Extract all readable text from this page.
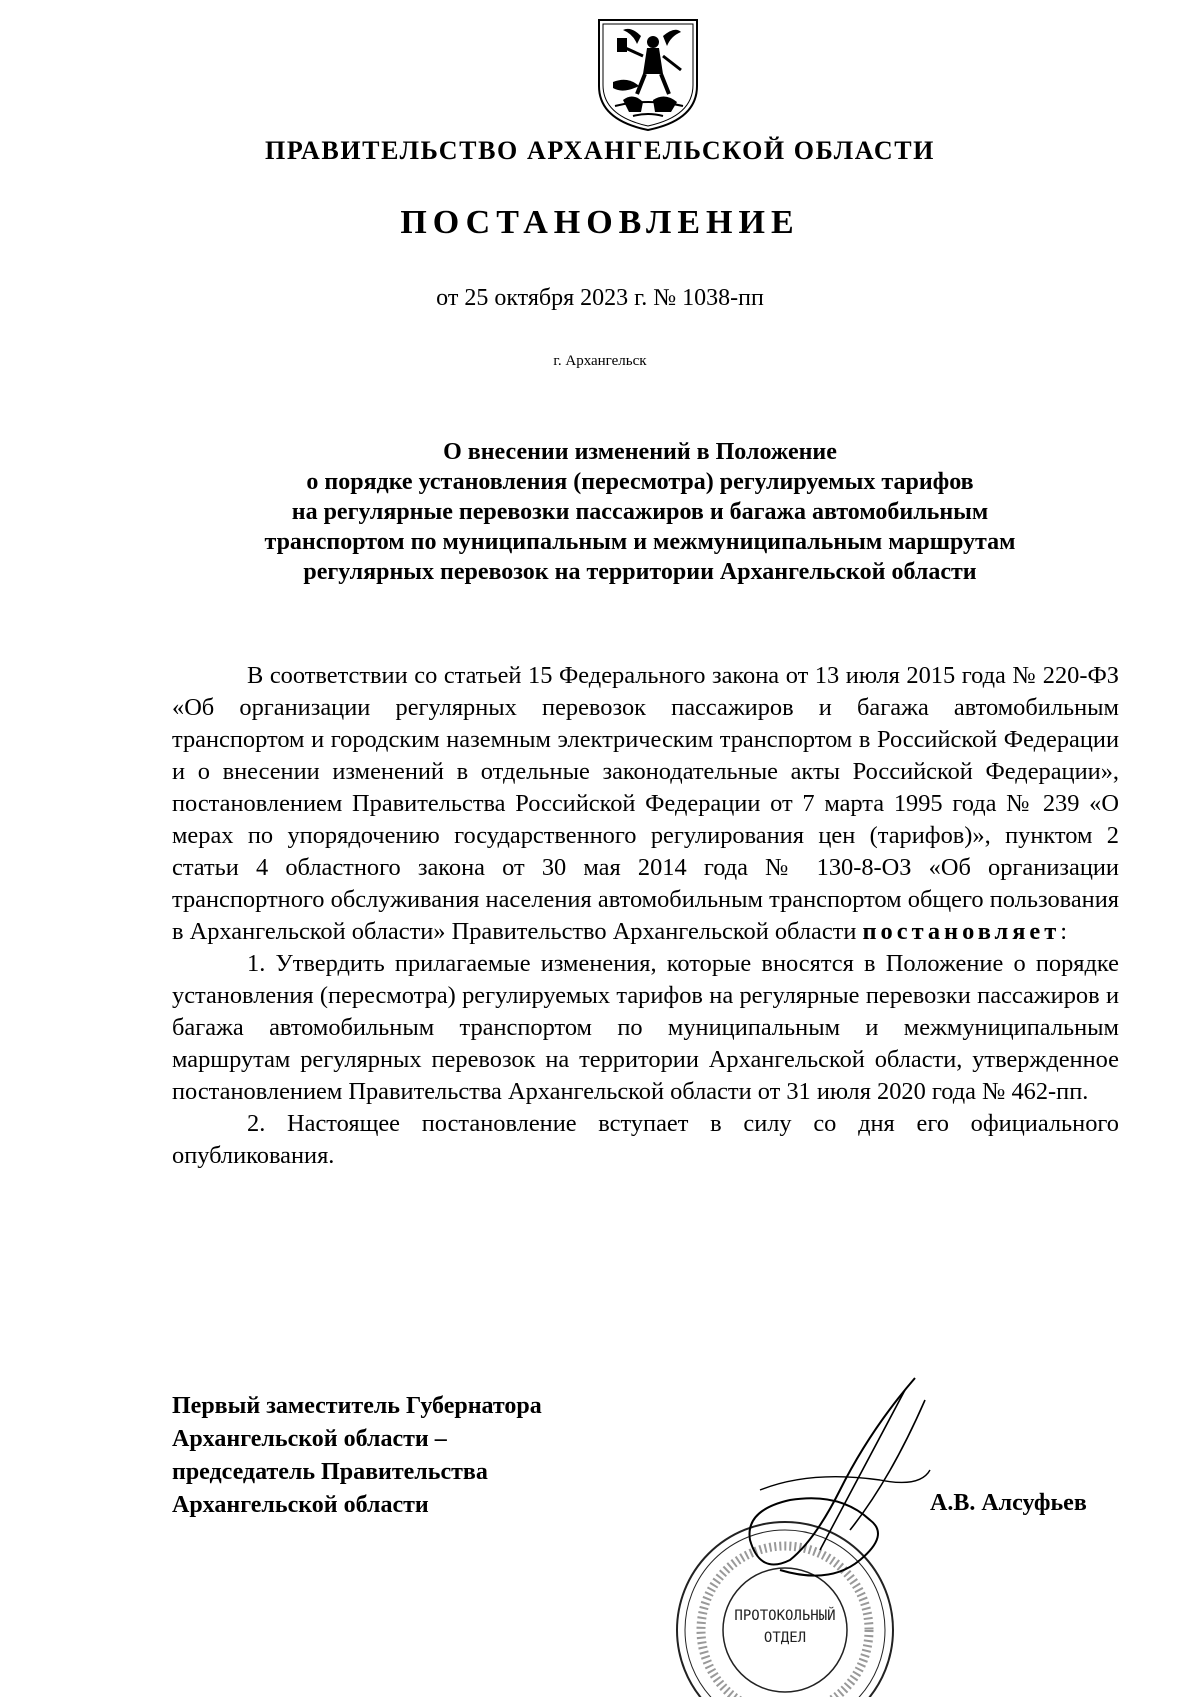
ПРАВИТЕЛЬСТВО АРХАНГЕЛЬСКОЙ ОБЛАСТИ
ПОСТАНОВЛЕНИЕ
от 25 октября 2023 г. № 1038-пп
г. Архангельск
О внесении изменений в Положение
о порядке установления (пересмотра) регулируемых тарифов
на регулярные перевозки пассажиров и багажа автомобильным
транспортом по муниципальным и межмуниципальным маршрутам
регулярных перевозок на территории Архангельской области

В соответствии со статьей 15 Федерального закона от 13 июля 2015 года № 220-ФЗ «Об организации регулярных перевозок пассажиров и багажа автомобильным транспортом и городским наземным электрическим транспортом в Российской Федерации и о внесении изменений в отдельные законодательные акты Российской Федерации», постановлением Правительства Российской Федерации от 7 марта 1995 года № 239 «О мерах по упорядочению государственного регулирования цен (тарифов)», пунктом 2 статьи 4 областного закона от 30 мая 2014 года № 130-8-ОЗ «Об организации транспортного обслуживания населения автомобильным транспортом общего пользования в Архангельской области» Правительство Архангельской области постановляет:

1. Утвердить прилагаемые изменения, которые вносятся в Положение о порядке установления (пересмотра) регулируемых тарифов на регулярные перевозки пассажиров и багажа автомобильным транспортом по муниципальным и межмуниципальным маршрутам регулярных перевозок на территории Архангельской области, утвержденное постановлением Правительства Архангельской области от 31 июля 2020 года № 462-пп.

2. Настоящее постановление вступает в силу со дня его официального опубликования.

Первый заместитель Губернатора
Архангельской области –
председатель Правительства
Архангельской области
ПРОТОКОЛЬНЫЙ
ОТДЕЛ
А.В. Алсуфьев
